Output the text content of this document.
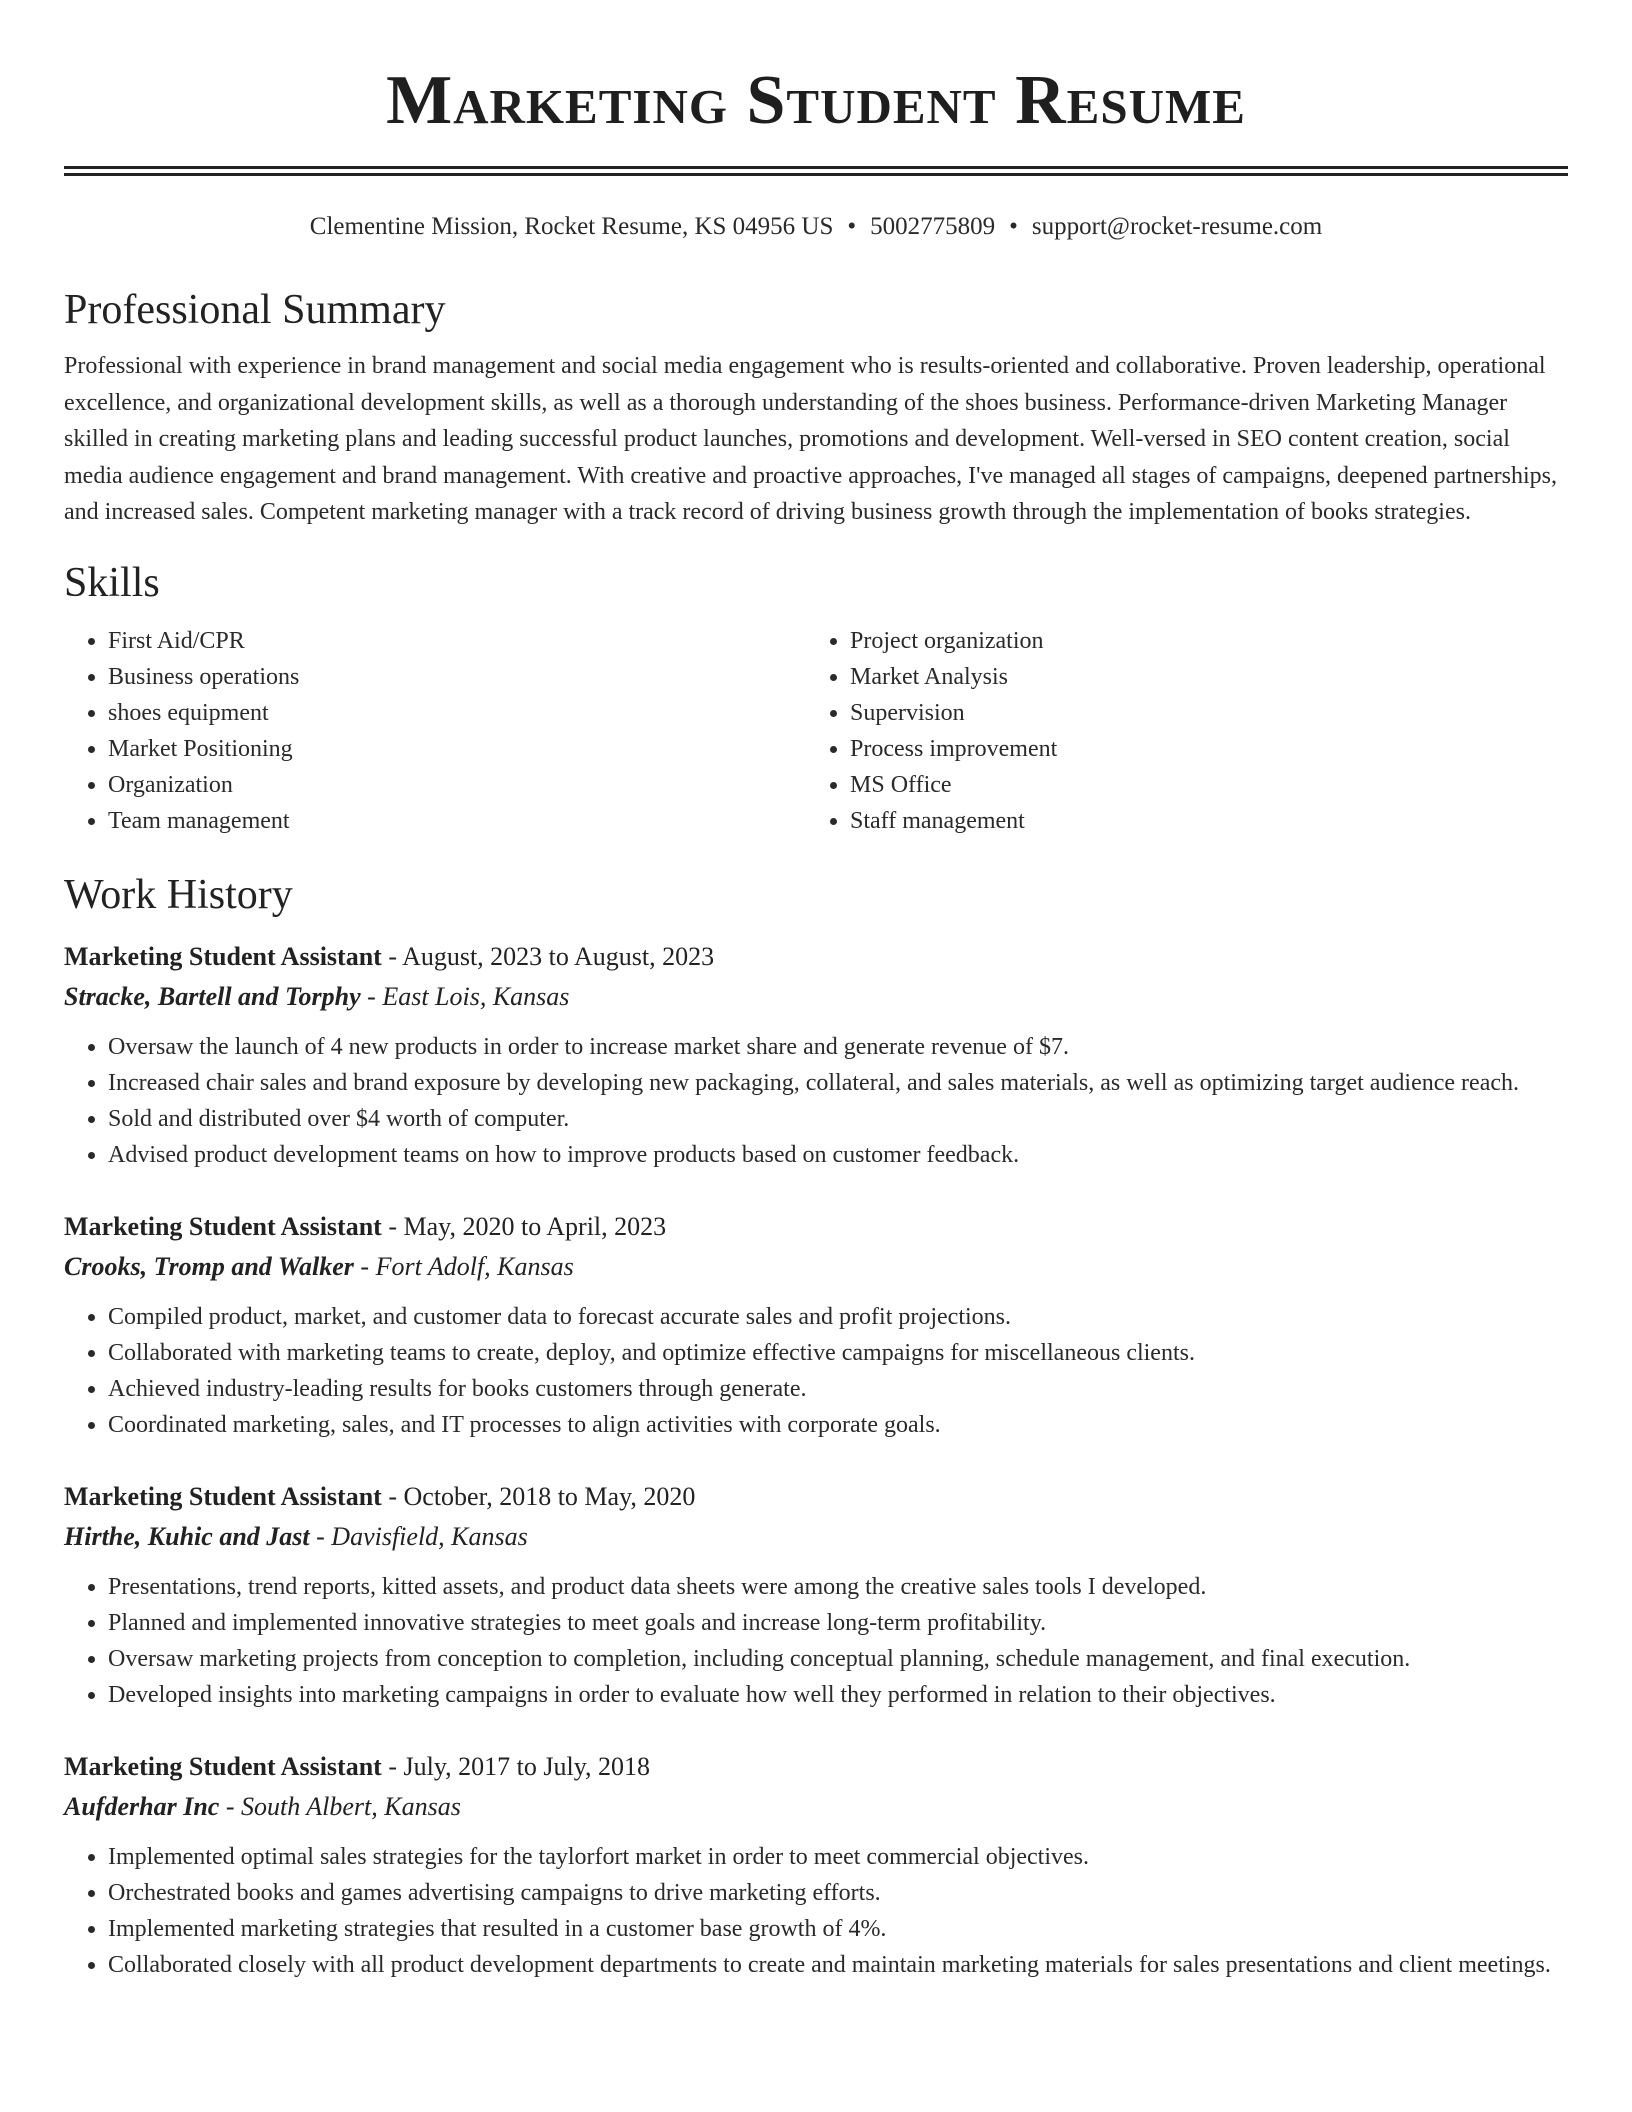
Marketing Student Resume
Clementine Mission, Rocket Resume, KS 04956 US • 5002775809 • support@rocket-resume.com
Professional Summary

Professional with experience in brand management and social media engagement who is results-oriented and collaborative. Proven leadership, operational excellence, and organizational development skills, as well as a thorough understanding of the shoes business. Performance-driven Marketing Manager skilled in creating marketing plans and leading successful product launches, promotions and development. Well-versed in SEO content creation, social media audience engagement and brand management. With creative and proactive approaches, I've managed all stages of campaigns, deepened partnerships, and increased sales. Competent marketing manager with a track record of driving business growth through the implementation of books strategies.

Skills
• First Aid/CPR
• Business operations
• shoes equipment
• Market Positioning
• Organization
• Team management
• Project organization
• Market Analysis
• Supervision
• Process improvement
• MS Office
• Staff management
Work History
Marketing Student Assistant - August, 2023 to August, 2023
Stracke, Bartell and Torphy - East Lois, Kansas
• Oversaw the launch of 4 new products in order to increase market share and generate revenue of $7.
• Increased chair sales and brand exposure by developing new packaging, collateral, and sales materials, as well as optimizing target audience reach.
• Sold and distributed over $4 worth of computer.
• Advised product development teams on how to improve products based on customer feedback.
Marketing Student Assistant - May, 2020 to April, 2023
Crooks, Tromp and Walker - Fort Adolf, Kansas
• Compiled product, market, and customer data to forecast accurate sales and profit projections.
• Collaborated with marketing teams to create, deploy, and optimize effective campaigns for miscellaneous clients.
• Achieved industry-leading results for books customers through generate.
• Coordinated marketing, sales, and IT processes to align activities with corporate goals.
Marketing Student Assistant - October, 2018 to May, 2020
Hirthe, Kuhic and Jast - Davisfield, Kansas
• Presentations, trend reports, kitted assets, and product data sheets were among the creative sales tools I developed.
• Planned and implemented innovative strategies to meet goals and increase long-term profitability.
• Oversaw marketing projects from conception to completion, including conceptual planning, schedule management, and final execution.
• Developed insights into marketing campaigns in order to evaluate how well they performed in relation to their objectives.
Marketing Student Assistant - July, 2017 to July, 2018
Aufderhar Inc - South Albert, Kansas
• Implemented optimal sales strategies for the taylorfort market in order to meet commercial objectives.
• Orchestrated books and games advertising campaigns to drive marketing efforts.
• Implemented marketing strategies that resulted in a customer base growth of 4%.
• Collaborated closely with all product development departments to create and maintain marketing materials for sales presentations and client meetings.
